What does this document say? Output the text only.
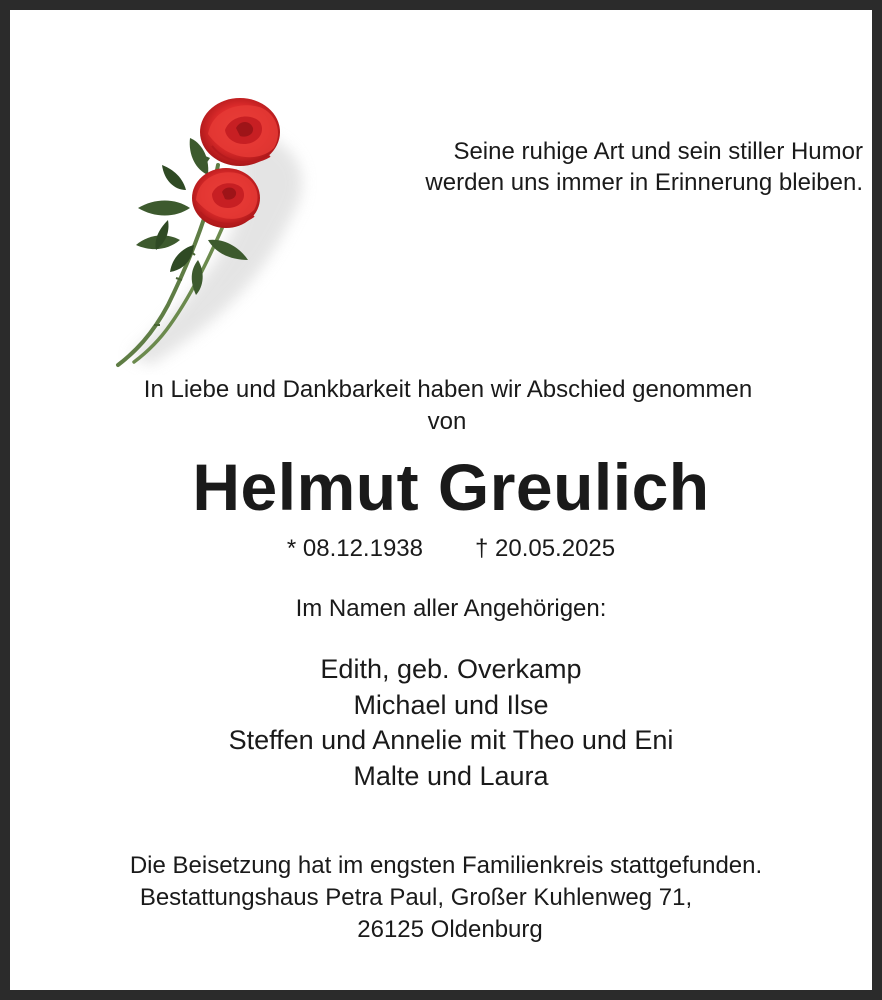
Seine ruhige Art und sein stiller Humor
werden uns immer in Erinnerung bleiben.
In Liebe und Dankbarkeit haben wir Abschied genommen
von
Helmut Greulich
* 08.12.1938 † 20.05.2025
Im Namen aller Angehörigen:
Edith, geb. Overkamp
Michael und Ilse
Steffen und Annelie mit Theo und Eni
Malte und Laura
Die Beisetzung hat im engsten Familienkreis stattgefunden.
Bestattungshaus Petra Paul, Großer Kuhlenweg 71,
26125 Oldenburg
